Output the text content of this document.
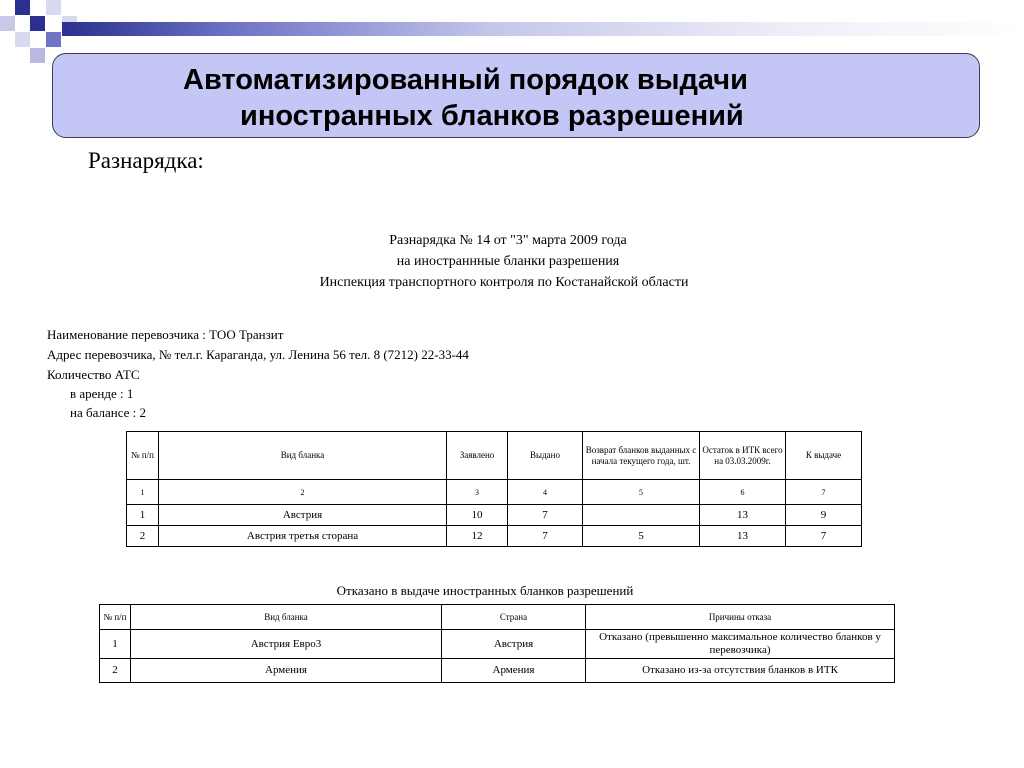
Автоматизированный порядок выдачи
иностранных бланков разрешений
Разнарядка:
Разнарядка № 14 от "3" марта 2009 года
на иностраннные бланки разрешения
Инспекция транспортного контроля по Костанайской области
Наименование перевозчика : ТОО Транзит
Адрес перевозчика, № тел.г. Караганда, ул. Ленина 56 тел. 8 (7212) 22-33-44
Количество АТС
в аренде : 1
на балансе : 2
№ п/п	Вид бланка	Заявлено	Выдано	Возврат бланков выданных с начала текущего года, шт.	Остаток в ИТК всего на 03.03.2009г.	К выдаче
1	2	3	4	5	6	7
1	Австрия	10	7		13	9
2	Австрия третья сторана	12	7	5	13	7
Отказано в выдаче иностранных бланков разрешений
№ п/п	Вид бланка	Страна	Причины отказа
1	Австрия Евро3	Австрия	Отказано (превышенно максимальное количество бланков у перевозчика)
2	Армения	Армения	Отказано из-за отсутствия бланков в ИТК
